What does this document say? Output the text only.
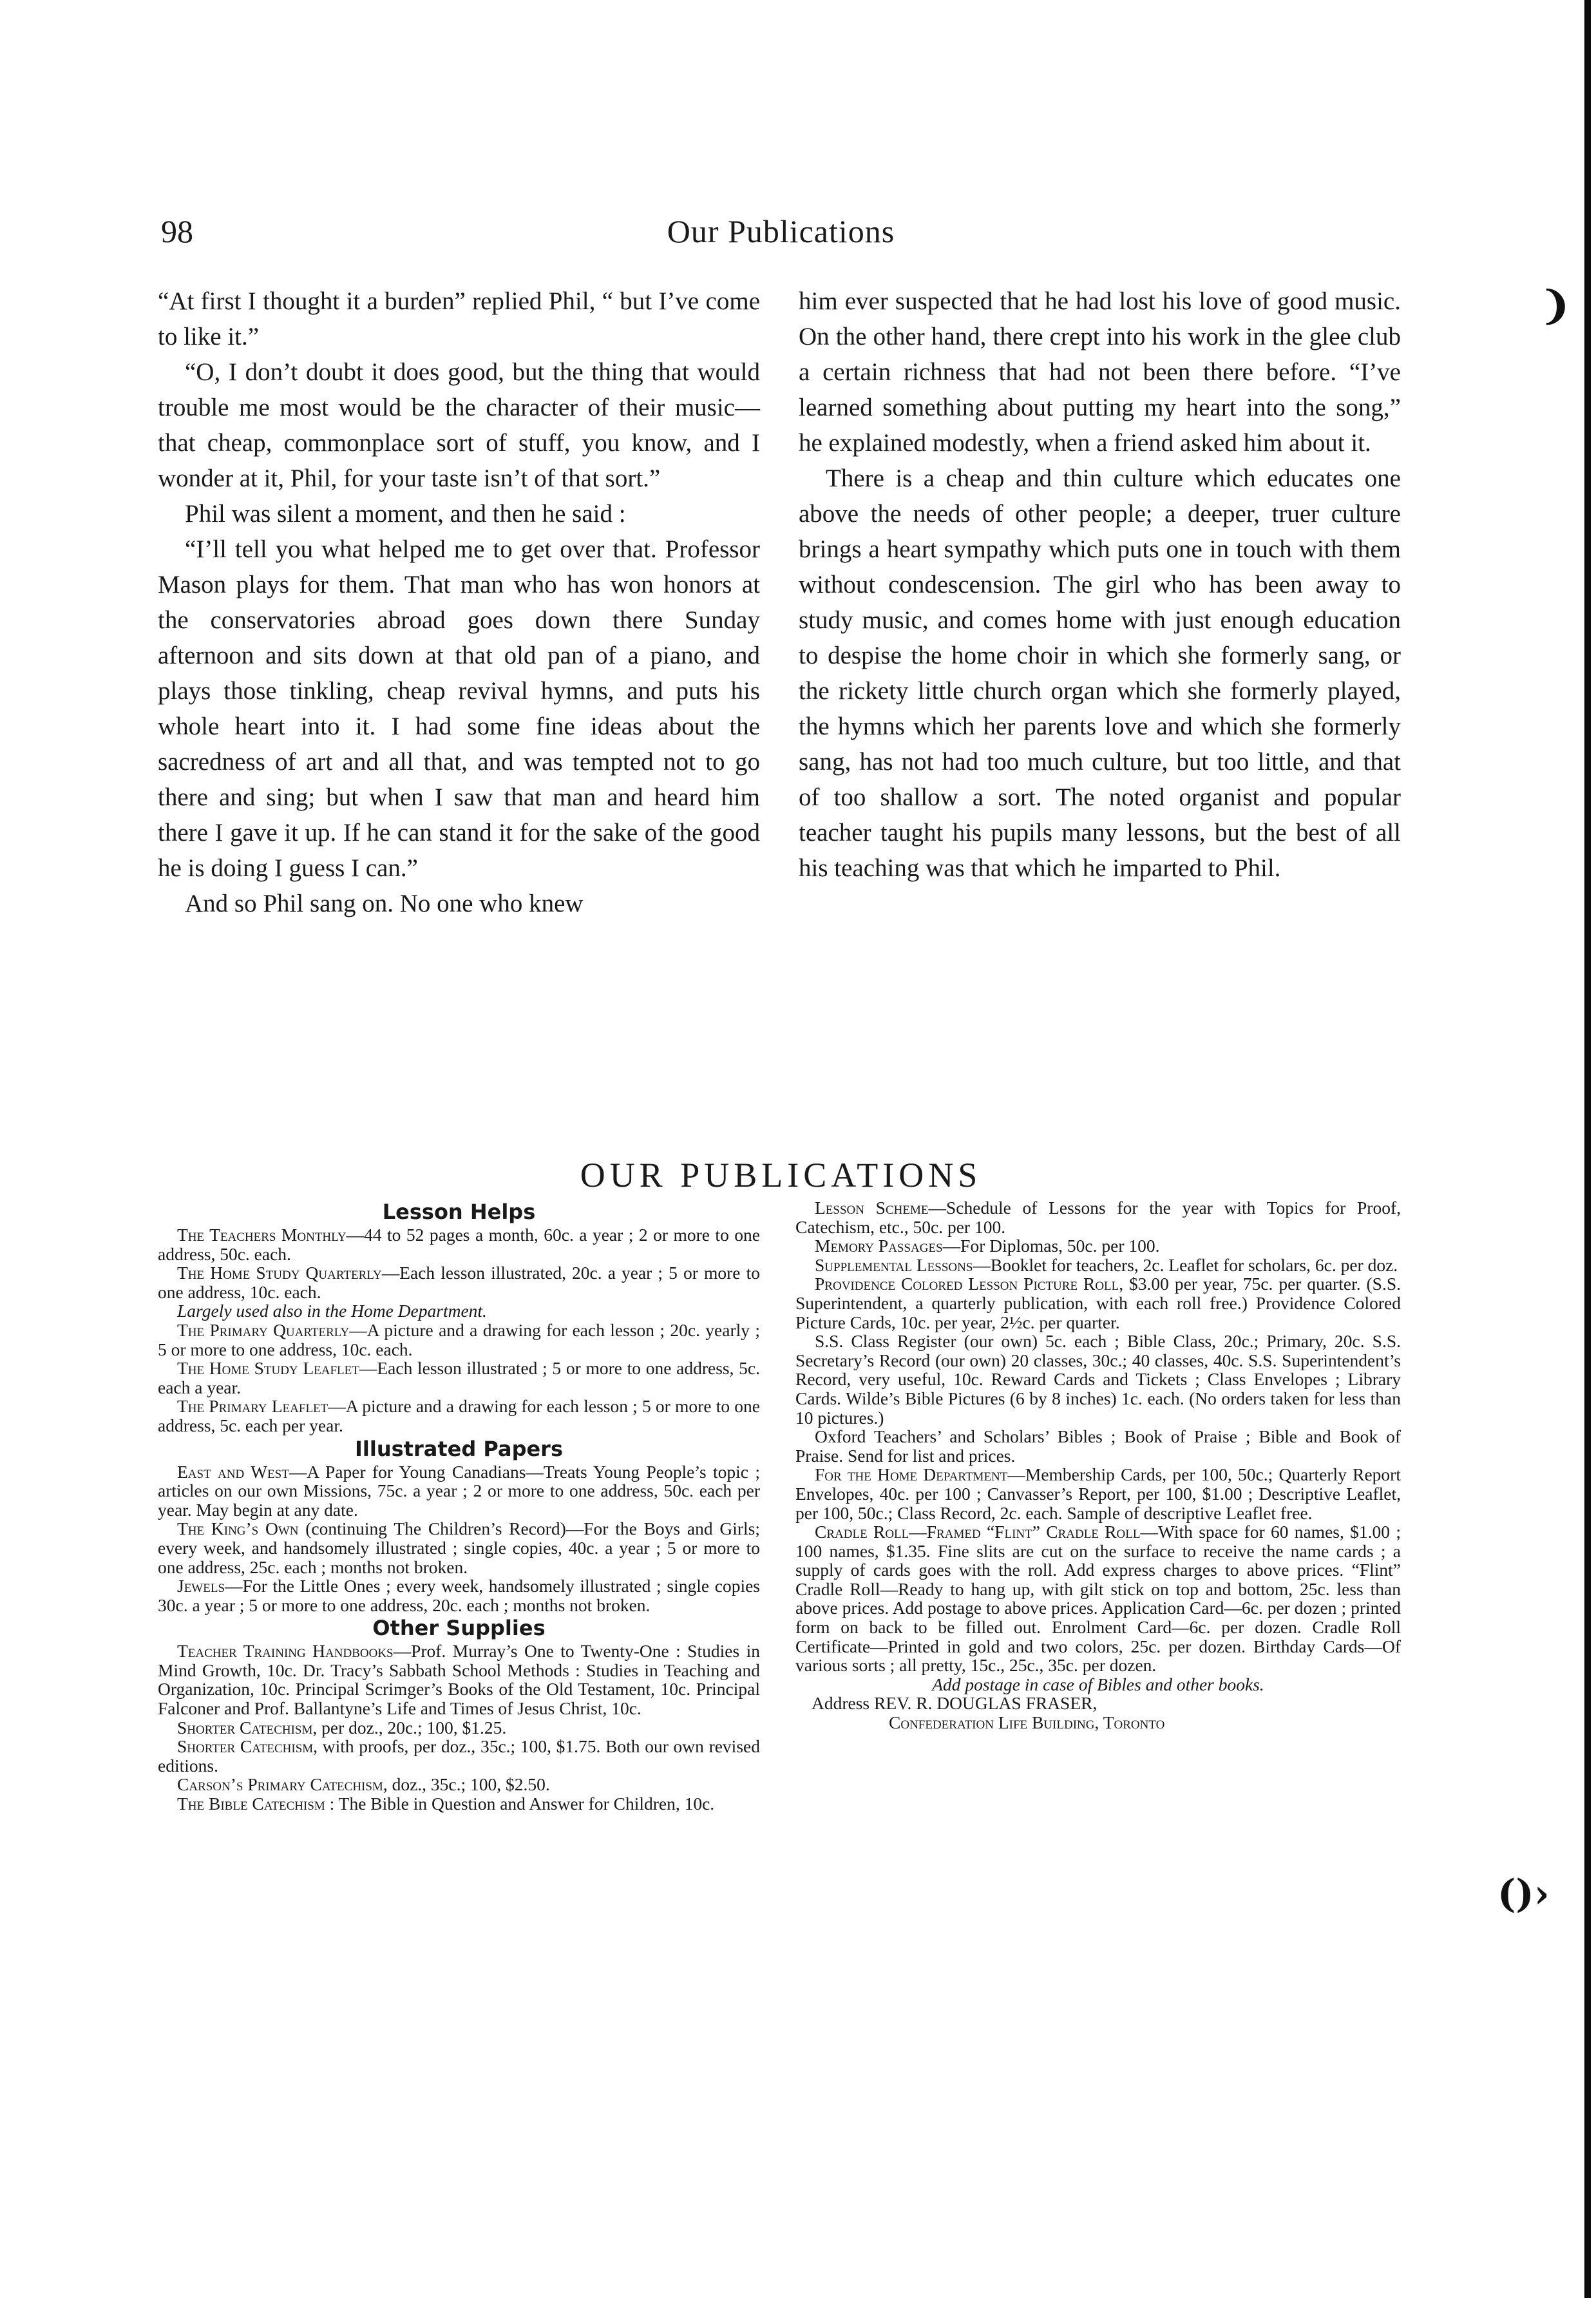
❩
()›
98	Our Publications

“At first I thought it a burden” replied Phil, “ but I’ve come to like it.”

“O, I don’t doubt it does good, but the thing that would trouble me most would be the character of their music—that cheap, commonplace sort of stuff, you know, and I wonder at it, Phil, for your taste isn’t of that sort.”

Phil was silent a moment, and then he said :

“I’ll tell you what helped me to get over that. Professor Mason plays for them. That man who has won honors at the conservatories abroad goes down there Sunday afternoon and sits down at that old pan of a piano, and plays those tinkling, cheap revival hymns, and puts his whole heart into it. I had some fine ideas about the sacredness of art and all that, and was tempted not to go there and sing; but when I saw that man and heard him there I gave it up. If he can stand it for the sake of the good he is doing I guess I can.”

And so Phil sang on. No one who knew

him ever suspected that he had lost his love of good music. On the other hand, there crept into his work in the glee club a certain richness that had not been there before. “I’ve learned something about putting my heart into the song,” he explained modestly, when a friend asked him about it.

There is a cheap and thin culture which educates one above the needs of other people; a deeper, truer culture brings a heart sympathy which puts one in touch with them without condescension. The girl who has been away to study music, and comes home with just enough education to despise the home choir in which she formerly sang, or the rickety little church organ which she formerly played, the hymns which her parents love and which she formerly sang, has not had too much culture, but too little, and that of too shallow a sort. The noted organist and popular teacher taught his pupils many lessons, but the best of all his teaching was that which he imparted to Phil.

OUR PUBLICATIONS
Lesson Helps

The Teachers Monthly—44 to 52 pages a month, 60c. a year ; 2 or more to one address, 50c. each.

The Home Study Quarterly—Each lesson illustrated, 20c. a year ; 5 or more to one address, 10c. each.

Largely used also in the Home Department.

The Primary Quarterly—A picture and a drawing for each lesson ; 20c. yearly ; 5 or more to one address, 10c. each.

The Home Study Leaflet—Each lesson illustrated ; 5 or more to one address, 5c. each a year.

The Primary Leaflet—A picture and a drawing for each lesson ; 5 or more to one address, 5c. each per year.

Illustrated Papers

East and West—A Paper for Young Canadians—Treats Young People’s topic ; articles on our own Missions, 75c. a year ; 2 or more to one address, 50c. each per year. May begin at any date.

The King’s Own (continuing The Children’s Record)—For the Boys and Girls; every week, and handsomely illustrated ; single copies, 40c. a year ; 5 or more to one address, 25c. each ; months not broken.

Jewels—For the Little Ones ; every week, handsomely illustrated ; single copies 30c. a year ; 5 or more to one address, 20c. each ; months not broken.

Other Supplies

Teacher Training Handbooks—Prof. Murray’s One to Twenty-One : Studies in Mind Growth, 10c. Dr. Tracy’s Sabbath School Methods : Studies in Teaching and Organization, 10c. Principal Scrimger’s Books of the Old Testament, 10c. Principal Falconer and Prof. Ballantyne’s Life and Times of Jesus Christ, 10c.

Shorter Catechism, per doz., 20c.; 100, $1.25.

Shorter Catechism, with proofs, per doz., 35c.; 100, $1.75. Both our own revised editions.

Carson’s Primary Catechism, doz., 35c.; 100, $2.50.

The Bible Catechism : The Bible in Question and Answer for Children, 10c.

Lesson Scheme—Schedule of Lessons for the year with Topics for Proof, Catechism, etc., 50c. per 100.

Memory Passages—For Diplomas, 50c. per 100.

Supplemental Lessons—Booklet for teachers, 2c. Leaflet for scholars, 6c. per doz.

Providence Colored Lesson Picture Roll, $3.00 per year, 75c. per quarter. (S.S. Superintendent, a quarterly publication, with each roll free.) Providence Colored Picture Cards, 10c. per year, 2½c. per quarter.

S.S. Class Register (our own) 5c. each ; Bible Class, 20c.; Primary, 20c. S.S. Secretary’s Record (our own) 20 classes, 30c.; 40 classes, 40c. S.S. Superintendent’s Record, very useful, 10c. Reward Cards and Tickets ; Class Envelopes ; Library Cards. Wilde’s Bible Pictures (6 by 8 inches) 1c. each. (No orders taken for less than 10 pictures.)

Oxford Teachers’ and Scholars’ Bibles ; Book of Praise ; Bible and Book of Praise. Send for list and prices.

For the Home Department—Membership Cards, per 100, 50c.; Quarterly Report Envelopes, 40c. per 100 ; Canvasser’s Report, per 100, $1.00 ; Descriptive Leaflet, per 100, 50c.; Class Record, 2c. each. Sample of descriptive Leaflet free.

Cradle Roll—Framed “Flint” Cradle Roll—With space for 60 names, $1.00 ; 100 names, $1.35. Fine slits are cut on the surface to receive the name cards ; a supply of cards goes with the roll. Add express charges to above prices. “Flint” Cradle Roll—Ready to hang up, with gilt stick on top and bottom, 25c. less than above prices. Add postage to above prices. Application Card—6c. per dozen ; printed form on back to be filled out. Enrolment Card—6c. per dozen. Cradle Roll Certificate—Printed in gold and two colors, 25c. per dozen. Birthday Cards—Of various sorts ; all pretty, 15c., 25c., 35c. per dozen.

Add postage in case of Bibles and other books.

Address REV. R. DOUGLAS FRASER,

Confederation Life Building, Toronto
